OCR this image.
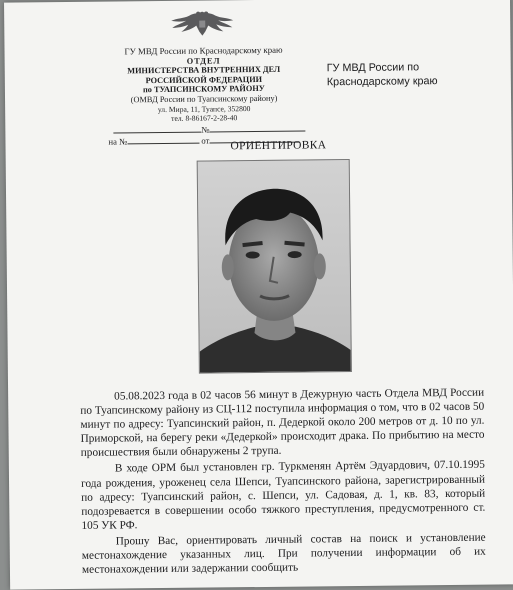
ГУ МВД России по Краснодарскому краю
ОТДЕЛ
МИНИСТЕРСТВА ВНУТРЕННИХ ДЕЛ
РОССИЙСКОЙ ФЕДЕРАЦИИ
по ТУАПСИНСКОМУ РАЙОНУ
(ОМВД России по Туапсинскому району)
ул. Мира, 11, Туапсе, 352800
тел. 8-86167-2-28-40
№
на №	от
ГУ МВД России по Краснодарскому краю
ОРИЕНТИРОВКА

05.08.2023 года в 02 часов 56 минут в Дежурную часть Отдела МВД России по Туапсинскому району из СЦ-112 поступила информация о том, что в 02 часов 50 минут по адресу: Туапсинский район, п. Дедеркой около 200 метров от д. 10 по ул. Приморской, на берегу реки «Дедеркой» происходит драка. По прибытию на место происшествия были обнаружены 2 трупа.

В ходе ОРМ был установлен гр. Туркменян Артём Эдуардович, 07.10.1995 года рождения, уроженец села Шепси, Туапсинского района, зарегистрированный по адресу: Туапсинский район, с. Шепси, ул. Садовая, д. 1, кв. 83, который подозревается в совершении особо тяжкого преступления, предусмотренного ст. 105 УК РФ.

Прошу Вас, ориентировать личный состав на поиск и установление местонахождение указанных лиц. При получении информации об их местонахождении или задержании сообщить
